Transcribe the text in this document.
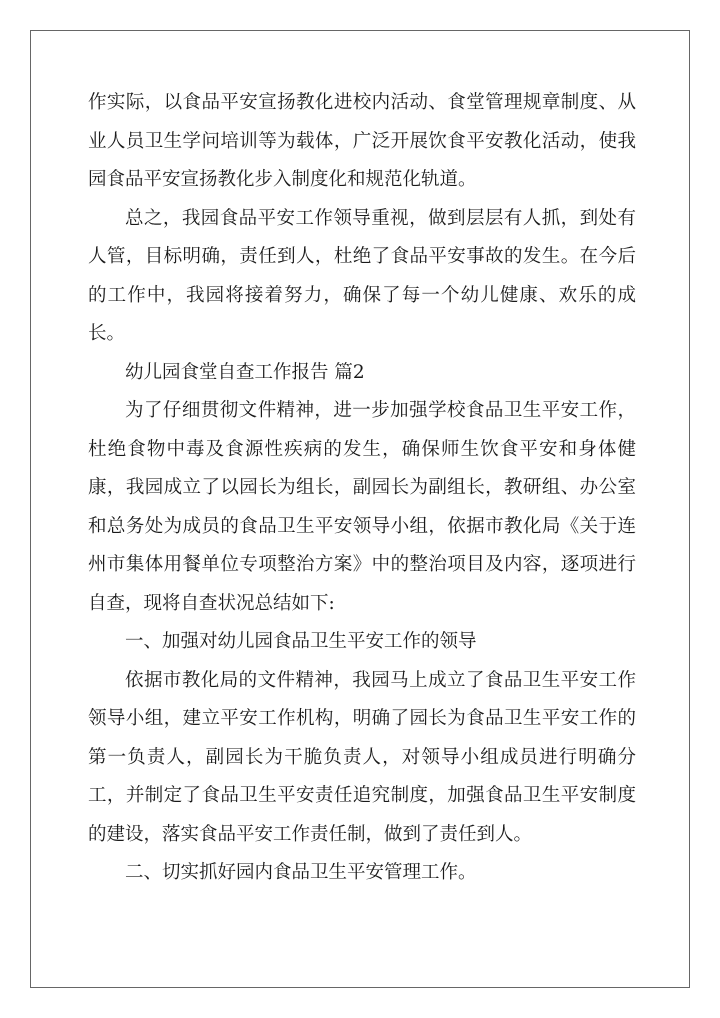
作实际，以食品平安宣扬教化进校内活动、食堂管理规章制度、从业人员卫生学问培训等为载体，广泛开展饮食平安教化活动，使我园食品平安宣扬教化步入制度化和规范化轨道。

总之，我园食品平安工作领导重视，做到层层有人抓，到处有人管，目标明确，责任到人，杜绝了食品平安事故的发生。在今后的工作中，我园将接着努力，确保了每一个幼儿健康、欢乐的成长。

幼儿园食堂自查工作报告 篇2

为了仔细贯彻文件精神，进一步加强学校食品卫生平安工作，杜绝食物中毒及食源性疾病的发生，确保师生饮食平安和身体健康，我园成立了以园长为组长，副园长为副组长，教研组、办公室和总务处为成员的食品卫生平安领导小组，依据市教化局《关于连州市集体用餐单位专项整治方案》中的整治项目及内容，逐项进行自查，现将自查状况总结如下:

一、加强对幼儿园食品卫生平安工作的领导

依据市教化局的文件精神，我园马上成立了食品卫生平安工作领导小组，建立平安工作机构，明确了园长为食品卫生平安工作的第一负责人，副园长为干脆负责人，对领导小组成员进行明确分工，并制定了食品卫生平安责任追究制度，加强食品卫生平安制度的建设，落实食品平安工作责任制，做到了责任到人。

二、切实抓好园内食品卫生平安管理工作。
